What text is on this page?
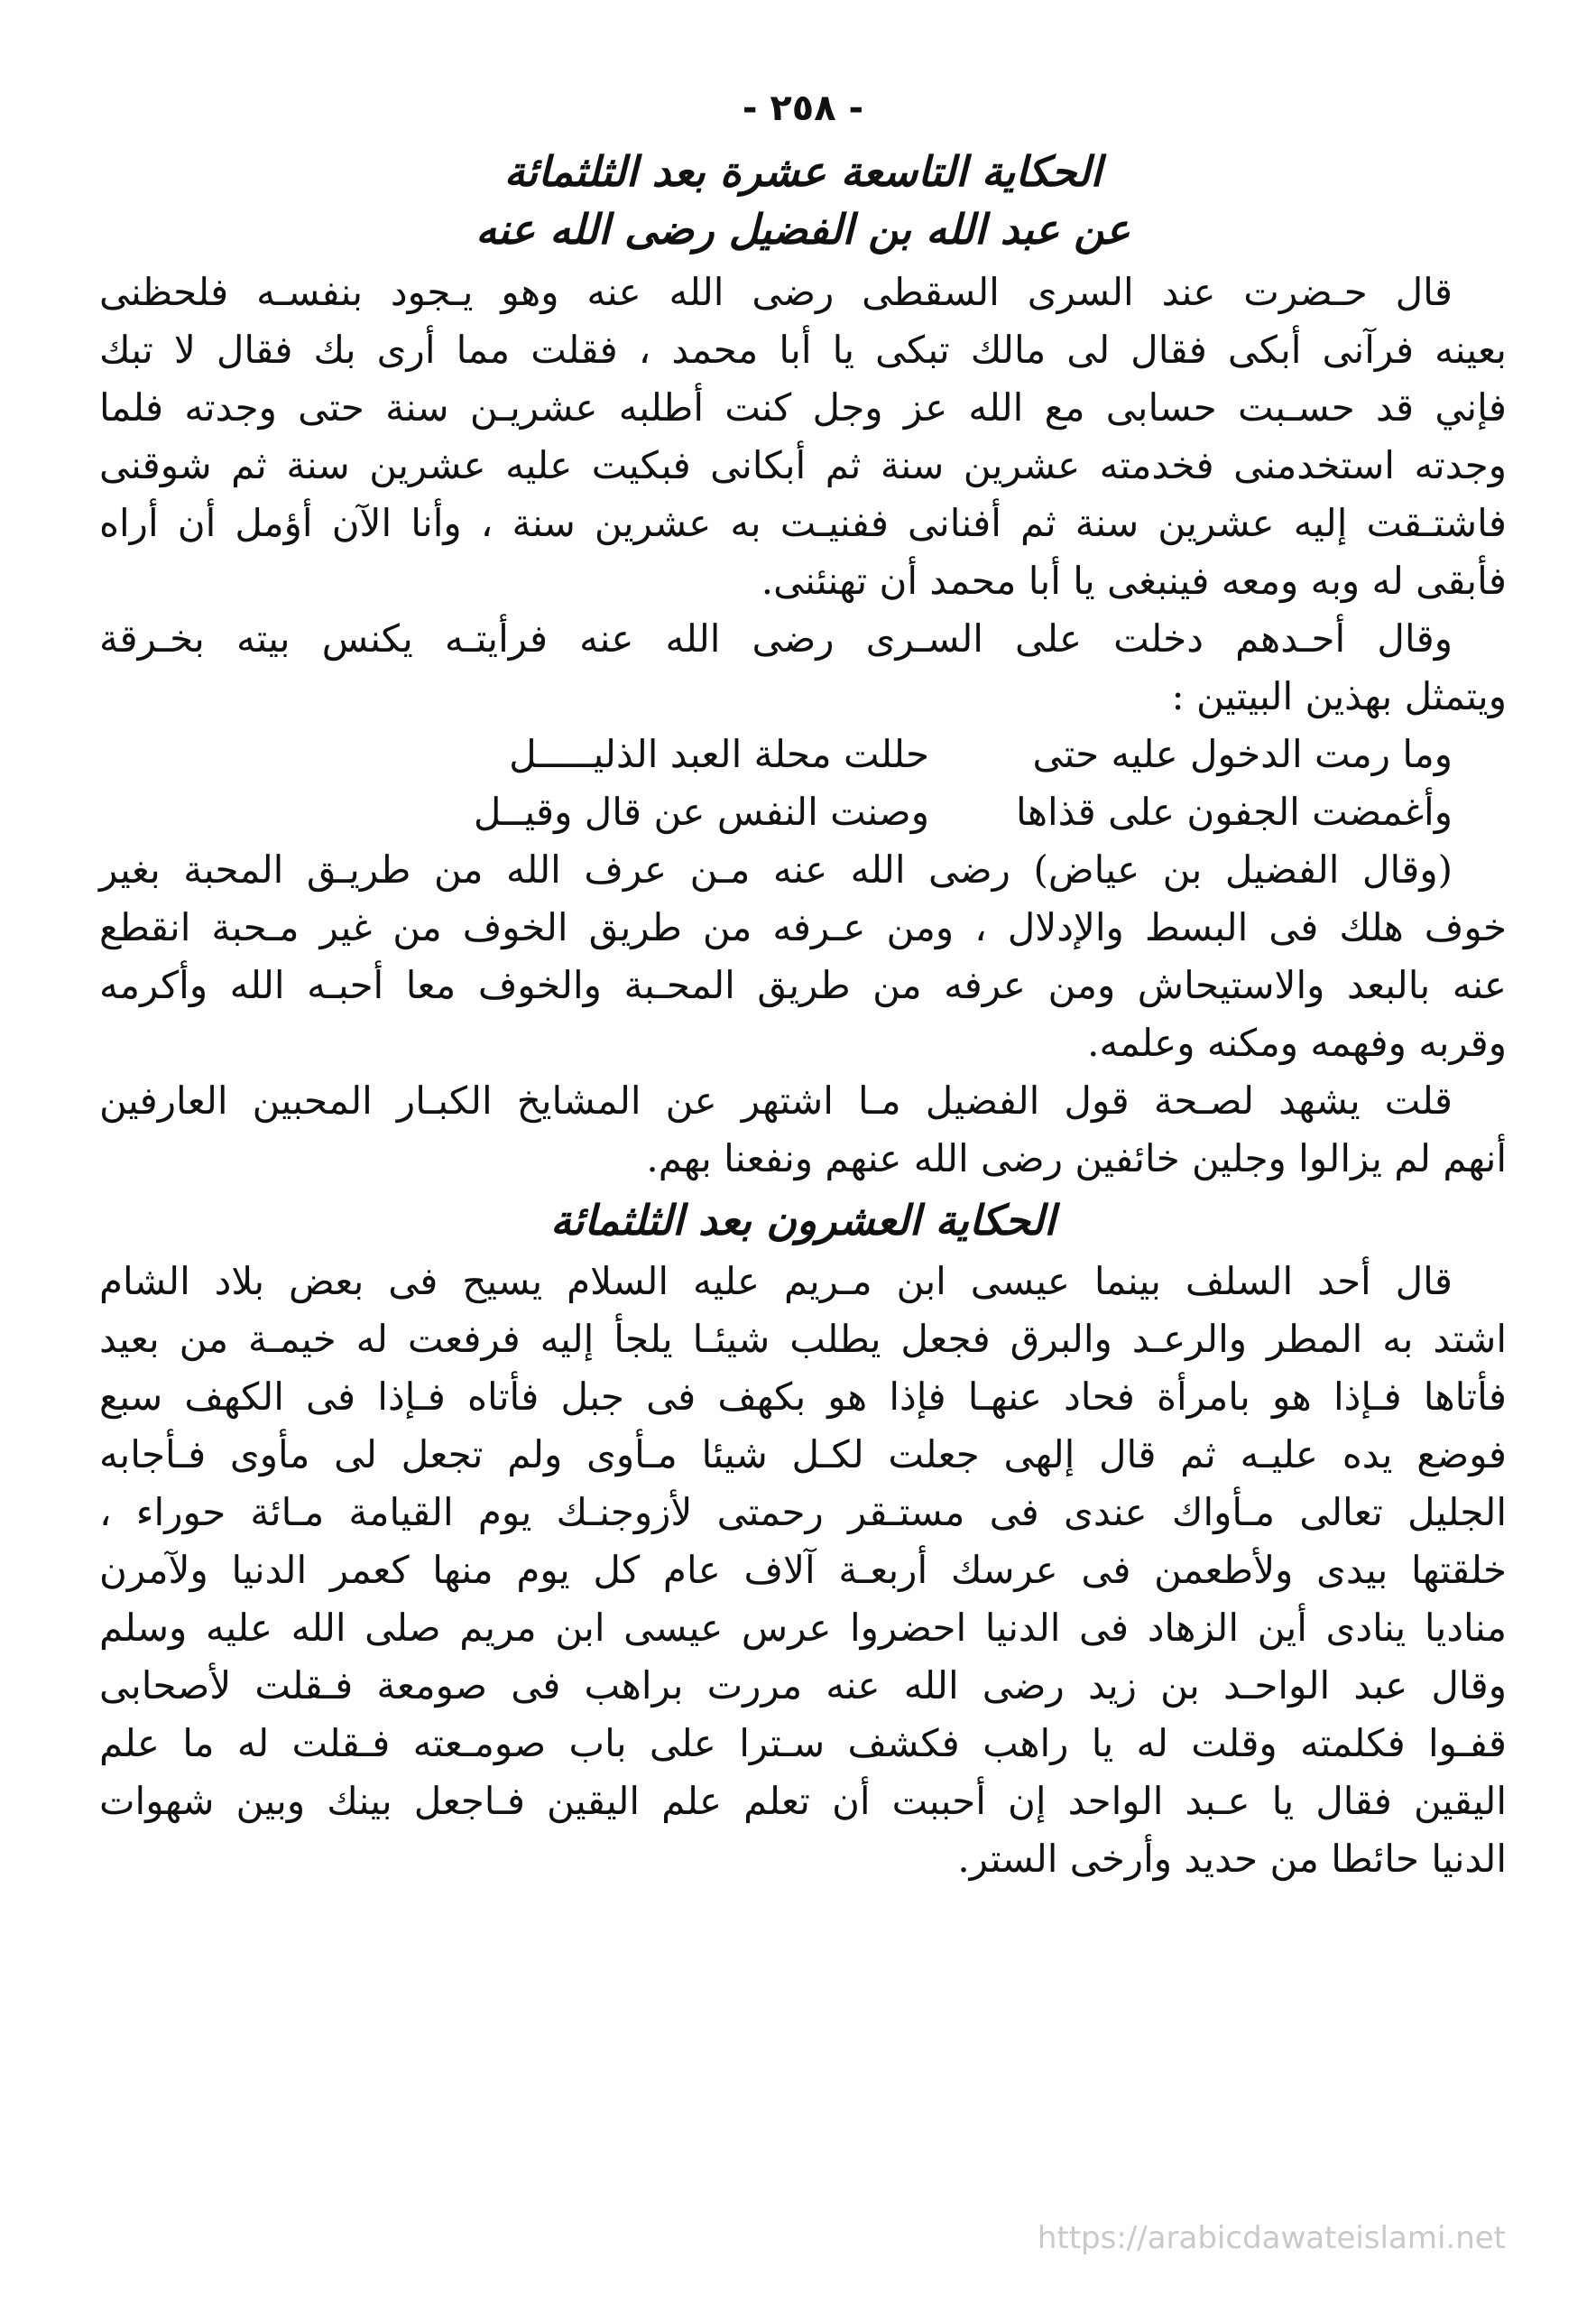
- ٢٥٨ -
الحكاية التاسعة عشرة بعد الثلثمائة
عن عبد الله بن الفضيل رضى الله عنه
قال حـضرت عند السرى السقطى رضى الله عنه وهو يـجود بنفسـه فلحظنى
بعينه فرآنى أبكى فقال لى مالك تبكى يا أبا محمد ، فقلت مما أرى بك فقال لا تبك
فإني قد حسـبت حسابى مع الله عز وجل كنت أطلبه عشريـن سنة حتى وجدته فلما
وجدته استخدمنى فخدمته عشرين سنة ثم أبكانى فبكيت عليه عشرين سنة ثم شوقنى
فاشتـقت إليه عشرين سنة ثم أفنانى ففنيـت به عشرين سنة ، وأنا الآن أؤمل أن أراه
فأبقى له وبه ومعه فينبغى يا أبا محمد أن تهنئنى.
وقال أحـدهم دخلت على السـرى رضى الله عنه فرأيتـه يكنس بيته بخـرقة
ويتمثل بهذين البيتين :
وما رمت الدخول عليه حتى
حللت محلة العبد الذليـــــل
وأغمضت الجفون على قذاها
وصنت النفس عن قال وقيــل
(وقال الفضيل بن عياض) رضى الله عنه مـن عرف الله من طريـق المحبة بغير
خوف هلك فى البسط والإدلال ، ومن عـرفه من طريق الخوف من غير مـحبة انقطع
عنه بالبعد والاستيحاش ومن عرفه من طريق المحـبة والخوف معا أحبـه الله وأكرمه
وقربه وفهمه ومكنه وعلمه.
قلت يشهد لصـحة قول الفضيل مـا اشتهر عن المشايخ الكبـار المحبين العارفين
أنهم لم يزالوا وجلين خائفين رضى الله عنهم ونفعنا بهم.
الحكاية العشرون بعد الثلثمائة
قال أحد السلف بينما عيسى ابن مـريم عليه السلام يسيح فى بعض بلاد الشام
اشتد به المطر والرعـد والبرق فجعل يطلب شيئـا يلجأ إليه فرفعت له خيمـة من بعيد
فأتاها فـإذا هو بامرأة فحاد عنهـا فإذا هو بكهف فى جبل فأتاه فـإذا فى الكهف سبع
فوضع يده عليـه ثم قال إلهى جعلت لكـل شيئا مـأوى ولم تجعل لى مأوى فـأجابه
الجليل تعالى مـأواك عندى فى مستـقر رحمتى لأزوجنـك يوم القيامة مـائة حوراء ،
خلقتها بيدى ولأطعمن فى عرسك أربعـة آلاف عام كل يوم منها كعمر الدنيا ولآمرن
مناديا ينادى أين الزهاد فى الدنيا احضروا عرس عيسى ابن مريم صلى الله عليه وسلم
وقال عبد الواحـد بن زيد رضى الله عنه مررت براهب فى صومعة فـقلت لأصحابى
قفـوا فكلمته وقلت له يا راهب فكشف سـترا على باب صومـعته فـقلت له ما علم
اليقين فقال يا عـبد الواحد إن أحببت أن تعلم علم اليقين فـاجعل بينك وبين شهوات
الدنيا حائطا من حديد وأرخى الستر.
https://arabicdawateislami.net
